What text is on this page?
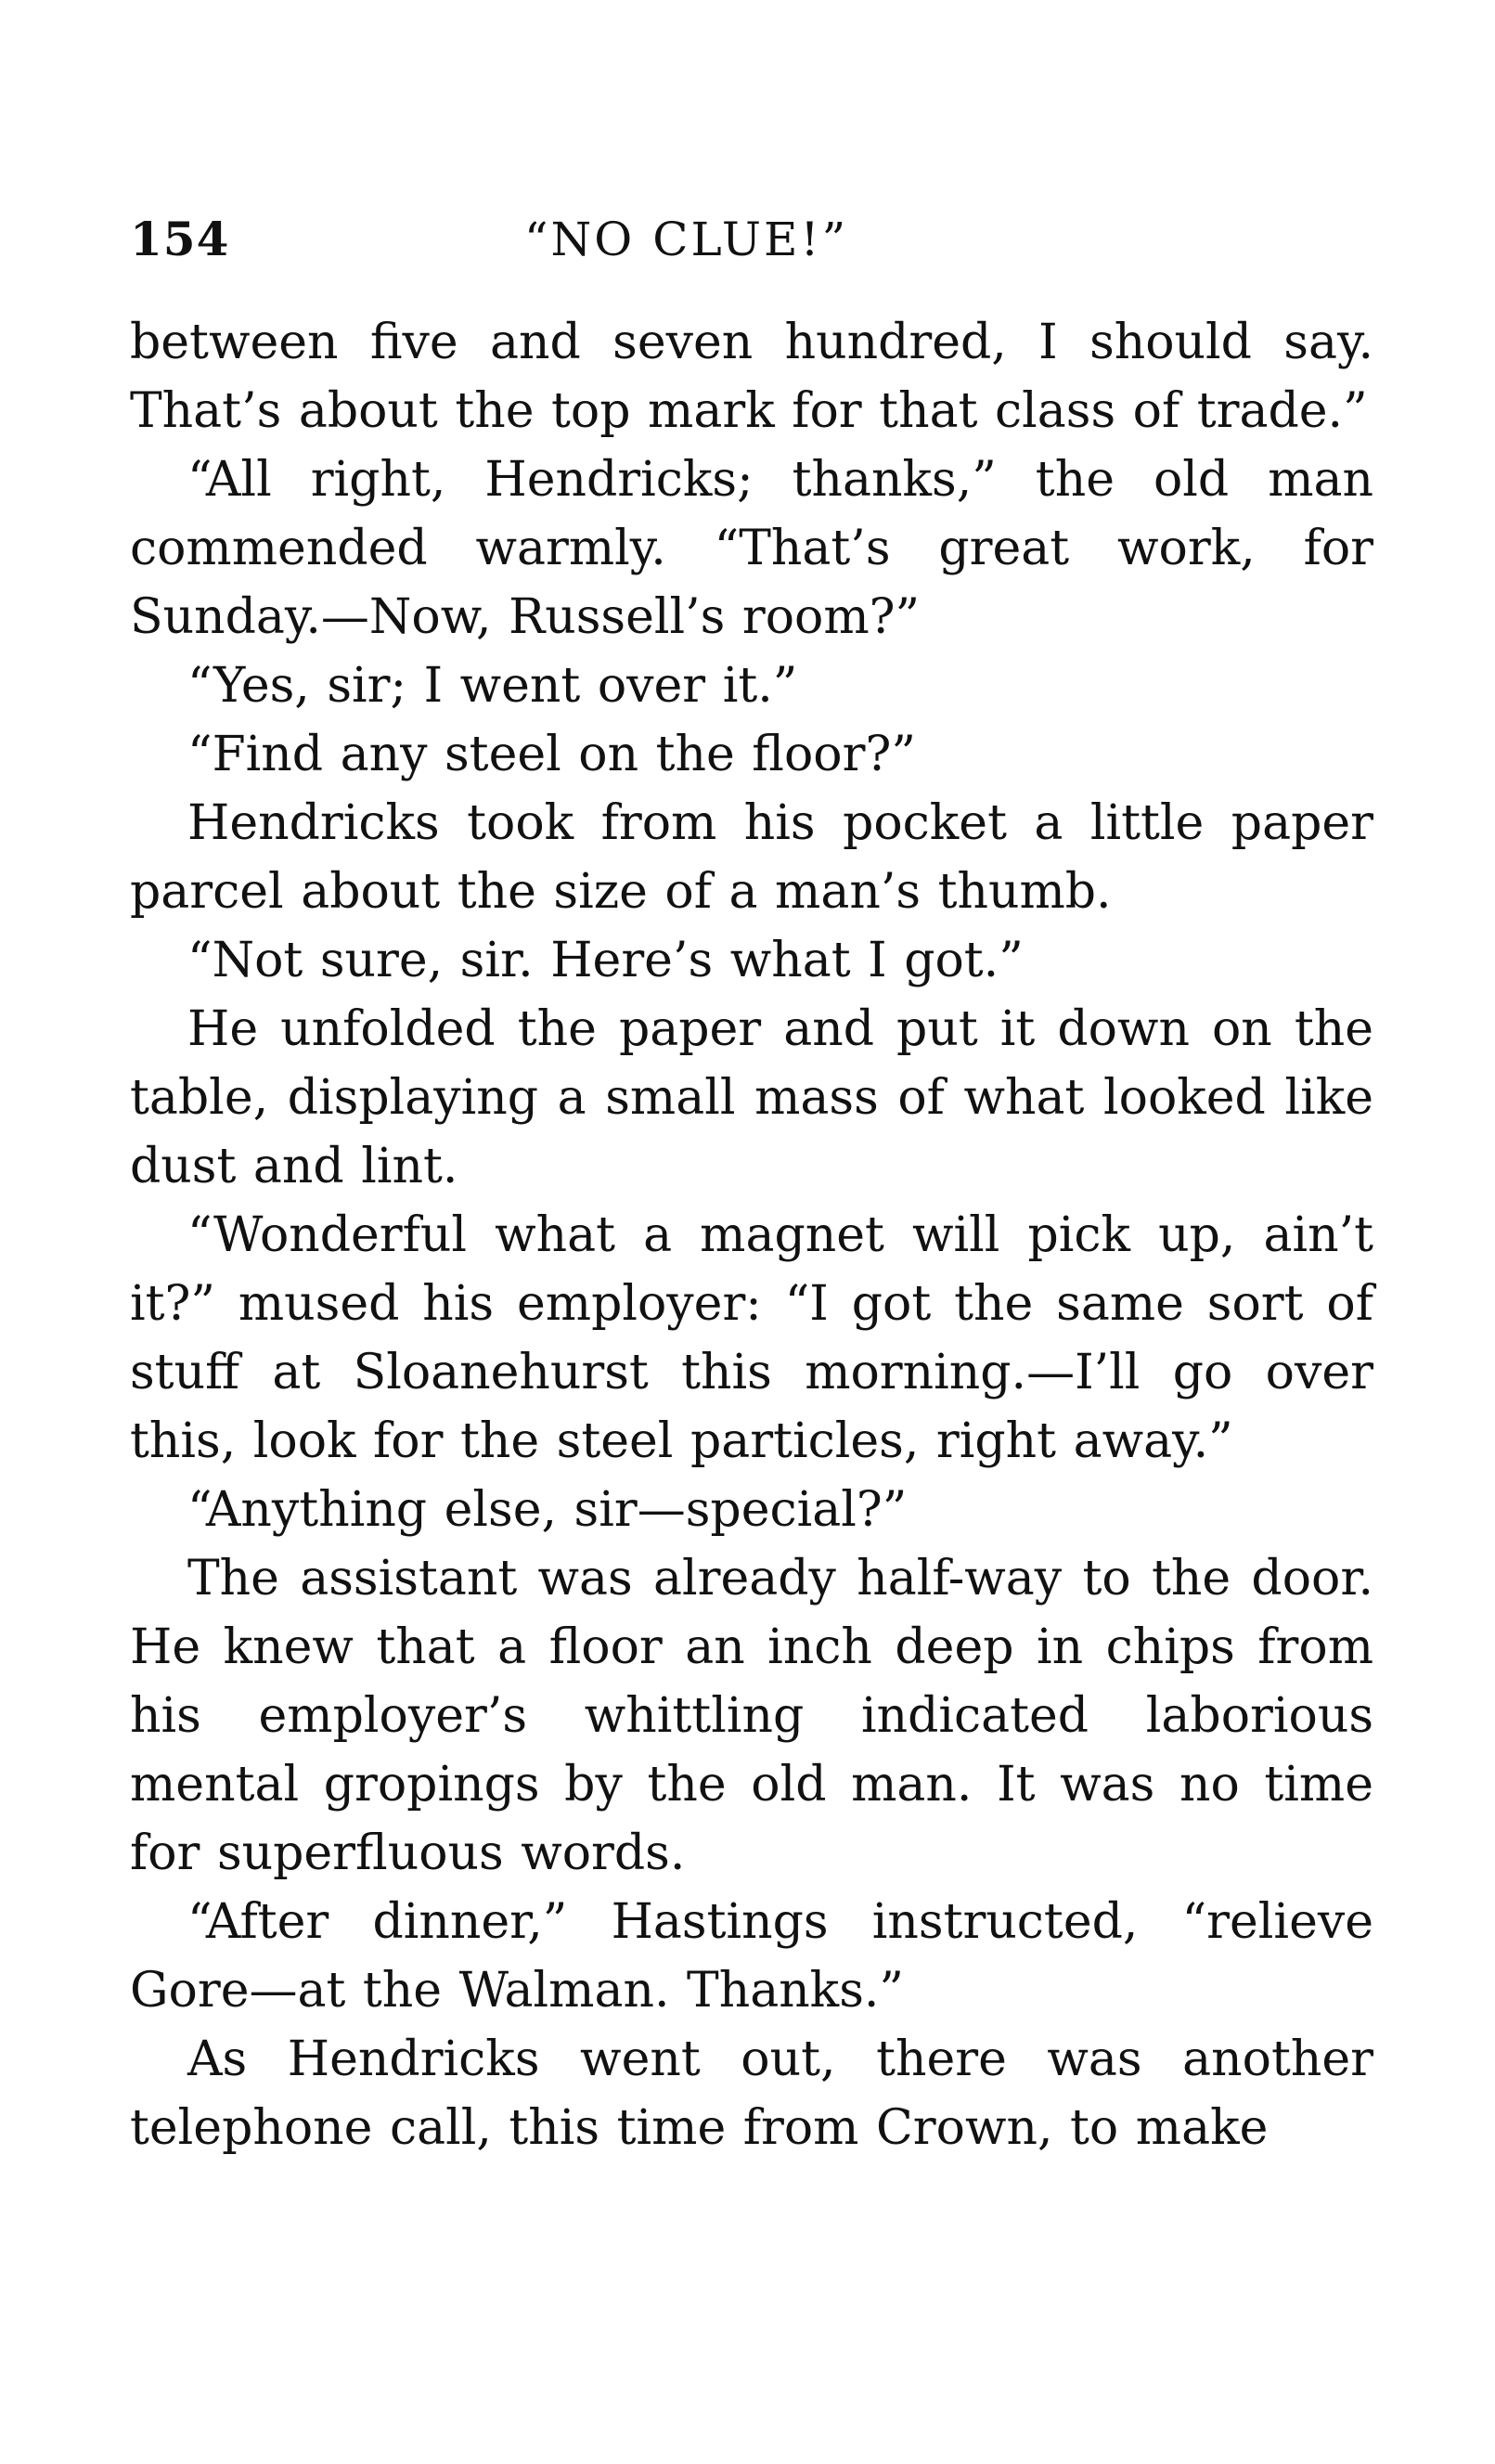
154	“NO CLUE!”

between five and seven hundred, I should say. That’s about the top mark for that class of trade.”

“All right, Hendricks; thanks,” the old man commended warmly. “That’s great work, for Sunday.—Now, Russell’s room?”

“Yes, sir; I went over it.”

“Find any steel on the floor?”

Hendricks took from his pocket a little paper parcel about the size of a man’s thumb.

“Not sure, sir. Here’s what I got.”

He unfolded the paper and put it down on the table, displaying a small mass of what looked like dust and lint.

“Wonderful what a magnet will pick up, ain’t it?” mused his employer: “I got the same sort of stuff at Sloanehurst this morning.—I’ll go over this, look for the steel particles, right away.”

“Anything else, sir—special?”

The assistant was already half-way to the door. He knew that a floor an inch deep in chips from his employer’s whittling indicated laborious mental gropings by the old man. It was no time for superfluous words.

“After dinner,” Hastings instructed, “relieve Gore—at the Walman. Thanks.”

As Hendricks went out, there was another telephone call, this time from Crown, to make
